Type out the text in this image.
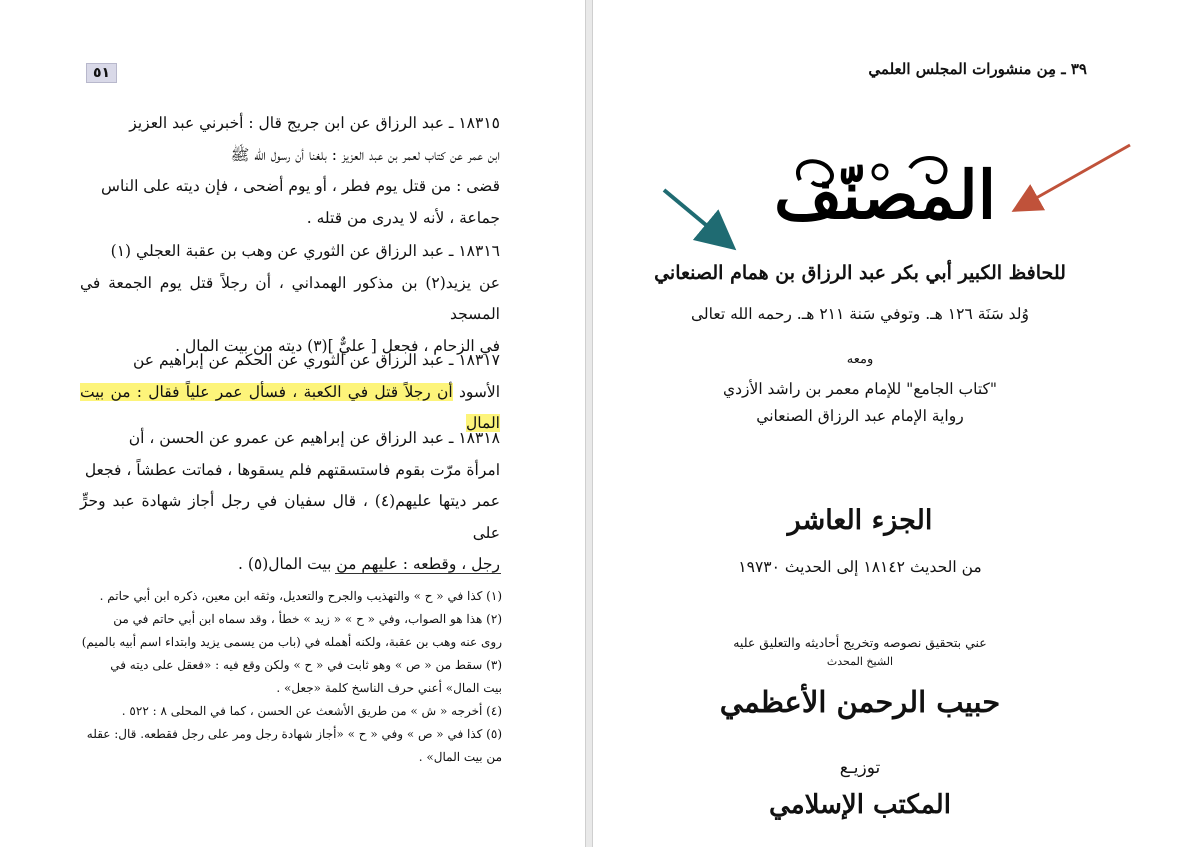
٥١

١٨٣١٥ ـ عبد الرزاق عن ابن جريج قال : أخبرني عبد العزيز

ابن عمر عن كتاب لعمر بن عبد العزيز : بلغنا أن رسول الله ﷺ

قضى : من قتل يوم فطر ، أو يوم أضحى ، فإن ديته على الناس

جماعة ، لأنه لا يدرى من قتله .

١٨٣١٦ ـ عبد الرزاق عن الثوري عن وهب بن عقبة العجلي (١)

عن يزيد(٢) بن مذكور الهمداني ، أن رجلاً قتل يوم الجمعة في المسجد

في الزحام ، فجعل [ عليٌّ ](٣) ديته من بيت المال .

١٨٣١٧ ـ عبد الرزاق عن الثوري عن الحكم عن إبراهيم عن

الأسود أن رجلاً قتل في الكعبة ، فسأل عمر علياً فقال : من بيت المال

١٨٣١٨ ـ عبد الرزاق عن إبراهيم عن عمرو عن الحسن ، أن

امرأة مرّت بقوم فاستسقتهم فلم يسقوها ، فماتت عطشاً ، فجعل

عمر ديتها عليهم(٤) ، قال سفيان في رجل أجاز شهادة عبد وحرٍّ على

رجل ، وقطعه : عليهم من بيت المال(٥) .

(١) كذا في « ح » والتهذيب والجرح والتعديل، وثقه ابن معين، ذكره ابن أبي حاتم .

(٢) هذا هو الصواب، وفي « ح » « زيد » خطأ ، وقد سماه ابن أبي حاتم في من

روى عنه وهب بن عقبة، ولكنه أهمله في (باب من يسمى يزيد وابتداء اسم أبيه بالميم)

(٣) سقط من « ص » وهو ثابت في « ح » ولكن وقع فيه : «فعقل على ديته في

بيت المال» أعني حرف الناسخ كلمة «جعل» .

(٤) أخرجه « ش » من طريق الأشعث عن الحسن ، كما في المحلى ٨ : ٥٢٢ .

(٥) كذا في « ص » وفي « ح » «أجاز شهادة رجل ومر على رجل فقطعه. قال: عقله

من بيت المال» .

٣٩ ـ مِن منشورات المجلس العلمي
المصنّف
للحافظ الكبير أبي بكر عبد الرزاق بن همام الصنعاني
وُلد سَنَة ١٢٦ هـ. وتوفي سَنة ٢١١ هـ. رحمه الله تعالى
ومعه
"كتاب الجامع" للإمام معمر بن راشد الأزدي
رواية الإمام عبد الرزاق الصنعاني
الجزء العاشر
من الحديث ١٨١٤٢ إلى الحديث ١٩٧٣٠
عني بتحقيق نصوصه وتخريج أحاديثه والتعليق عليه
الشيخ المحدث
حبيب الرحمن الأعظمي
توزيـع
المكتب الإسلامي
